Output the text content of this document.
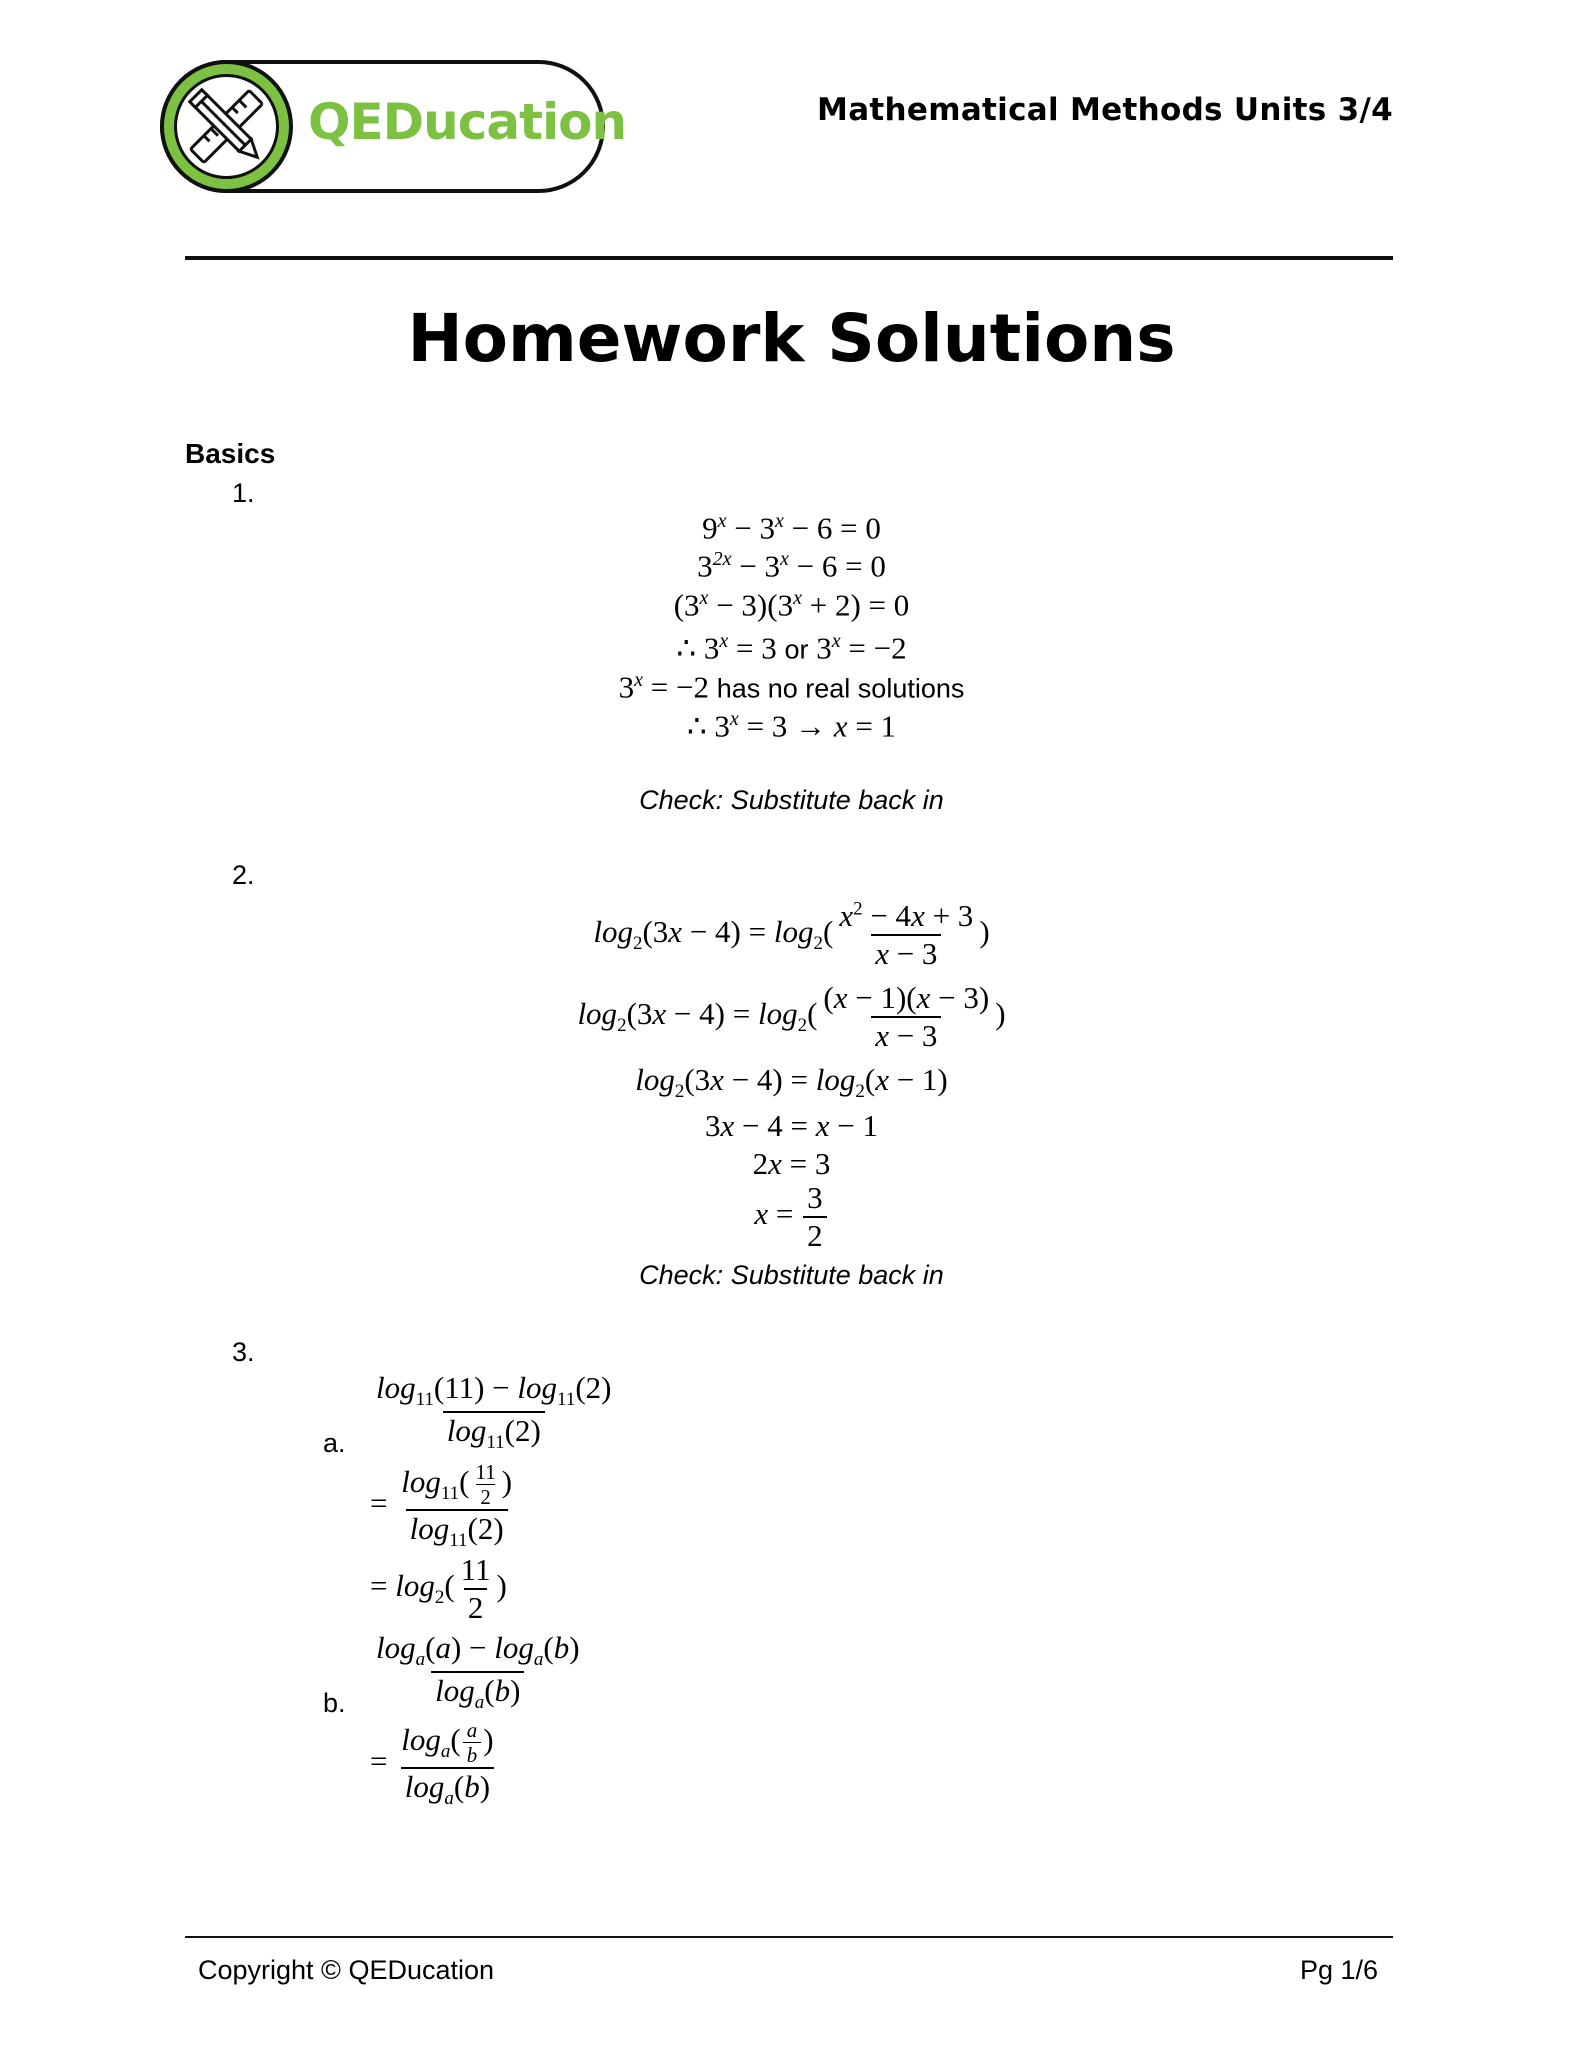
QEDucation	Mathematical Methods Units 3/4
Homework Solutions
Basics
1.
$9^x - 3^x - 6 = 0$
$3^{2x} - 3^x - 6 = 0$
$(3^x - 3)(3^x + 2) = 0$
∴ $3^x = 3$ or $3^x = -2$
$3^x = -2$ has no real solutions
∴ $3^x = 3 \to x = 1$
Check: Substitute back in
2.
$\log_2(3x - 4) = \log_2( \frac{x^2 - 4x + 3}{x - 3}$ )
$\log_2(3x - 4) = \log_2( \frac{(x - 1)(x - 3)}{x - 3}$ )
$\log_2(3x - 4) = \log_2(x - 1)$
3x − 4 = x − 1
2x = 3
$x = \frac{3}{2}$
Check: Substitute back in
3.
a. $\frac{\log_{11}(11) - \log_{11}(2)}{\log_{11}(2)}$
= $\frac{\log_{11}( \frac{11}{2} )}{\log_{11}(2)}$
= $\log_2( \frac{11}{2}$ )
b. $\frac{\log_a(a) - \log_a(b)}{\log_a(b)}$
= $\frac{\log_a( \frac{a}{b} )}{\log_a(b)}$
Copyright © QEDucation	Pg 1/6
